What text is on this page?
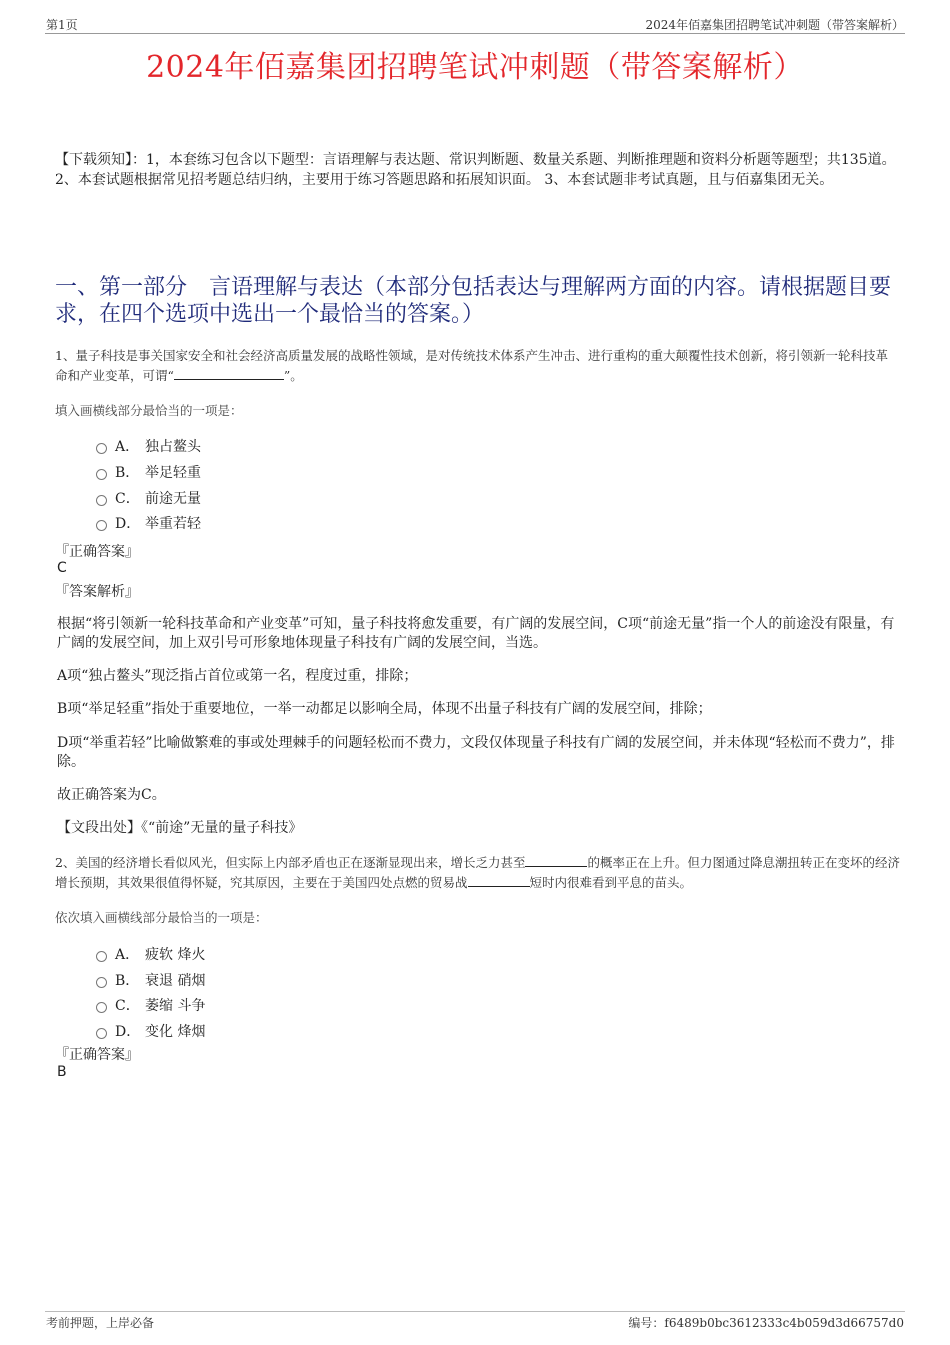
第1页	2024年佰嘉集团招聘笔试冲刺题（带答案解析）
2024年佰嘉集团招聘笔试冲刺题（带答案解析）
【下载须知】：1，本套练习包含以下题型：言语理解与表达题、常识判断题、数量关系题、判断推理题和资料分析题等题型；共135道。 2、本套试题根据常见招考题总结归纳，主要用于练习答题思路和拓展知识面。 3、本套试题非考试真题，且与佰嘉集团无关。
一、第一部分　言语理解与表达（本部分包括表达与理解两方面的内容。请根据题目要求，在四个选项中选出一个最恰当的答案。）
1、量子科技是事关国家安全和社会经济高质量发展的战略性领域，是对传统技术体系产生冲击、进行重构的重大颠覆性技术创新，将引领新一轮科技革命和产业变革，可谓“	”。
填入画横线部分最恰当的一项是：
A． 独占鳌头
B． 举足轻重
C． 前途无量
D． 举重若轻
『正确答案』
C
『答案解析』
根据“将引领新一轮科技革命和产业变革”可知，量子科技将愈发重要，有广阔的发展空间，C项“前途无量”指一个人的前途没有限量，有广阔的发展空间，加上双引号可形象地体现量子科技有广阔的发展空间，当选。
A项“独占鳌头”现泛指占首位或第一名，程度过重，排除；
B项“举足轻重”指处于重要地位，一举一动都足以影响全局，体现不出量子科技有广阔的发展空间，排除；
D项“举重若轻”比喻做繁难的事或处理棘手的问题轻松而不费力，文段仅体现量子科技有广阔的发展空间，并未体现“轻松而不费力”，排除。
故正确答案为C。
【文段出处】《“前途”无量的量子科技》
2、美国的经济增长看似风光，但实际上内部矛盾也正在逐渐显现出来，增长乏力甚至	的概率正在上升。但力图通过降息潮扭转正在变坏的经济增长预期，其效果很值得怀疑，究其原因，主要在于美国四处点燃的贸易战	短时内很难看到平息的苗头。
依次填入画横线部分最恰当的一项是：
A． 疲软 烽火
B． 衰退 硝烟
C． 萎缩 斗争
D． 变化 烽烟
『正确答案』
B
考前押题，上岸必备	编号：f6489b0bc3612333c4b059d3d66757d0
